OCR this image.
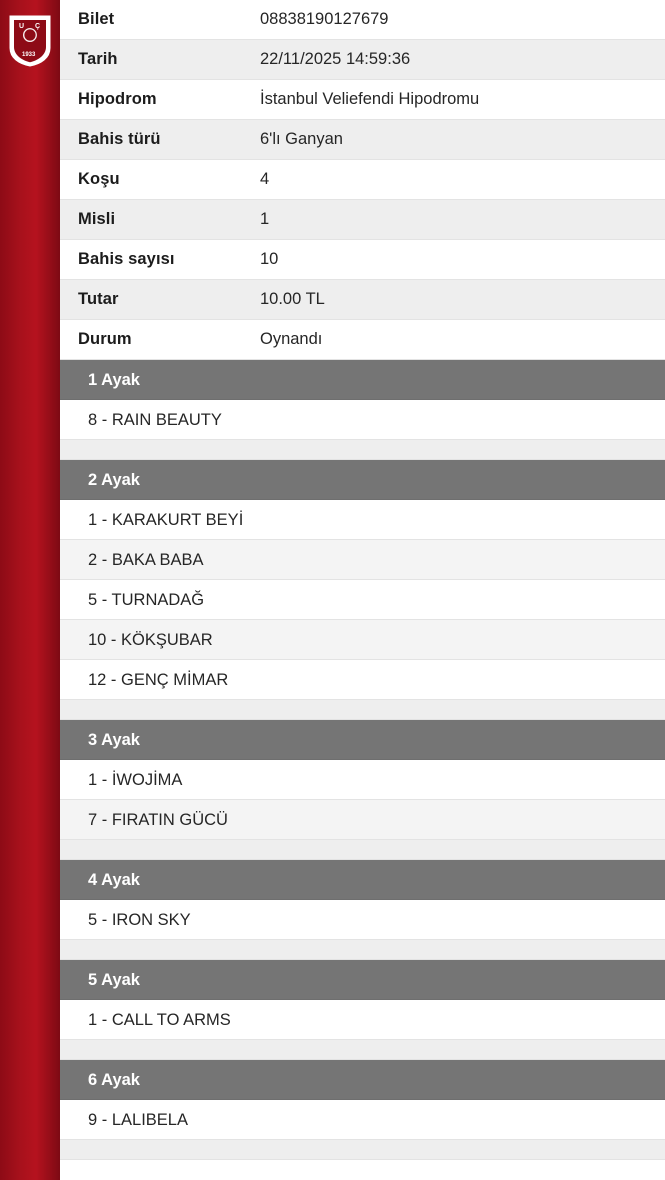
U Ç
1933
Bilet	08838190127679
Tarih	22/11/2025 14:59:36
Hipodrom	İstanbul Veliefendi Hipodromu
Bahis türü	6'lı Ganyan
Koşu	4
Misli	1
Bahis sayısı	10
Tutar	10.00 TL
Durum	Oynandı
1 Ayak
8 - RAIN BEAUTY
2 Ayak
1 - KARAKURT BEYİ
2 - BAKA BABA
5 - TURNADAĞ
10 - KÖKŞUBAR
12 - GENÇ MİMAR
3 Ayak
1 - İWOJİMA
7 - FIRATIN GÜCÜ
4 Ayak
5 - IRON SKY
5 Ayak
1 - CALL TO ARMS
6 Ayak
9 - LALIBELA
